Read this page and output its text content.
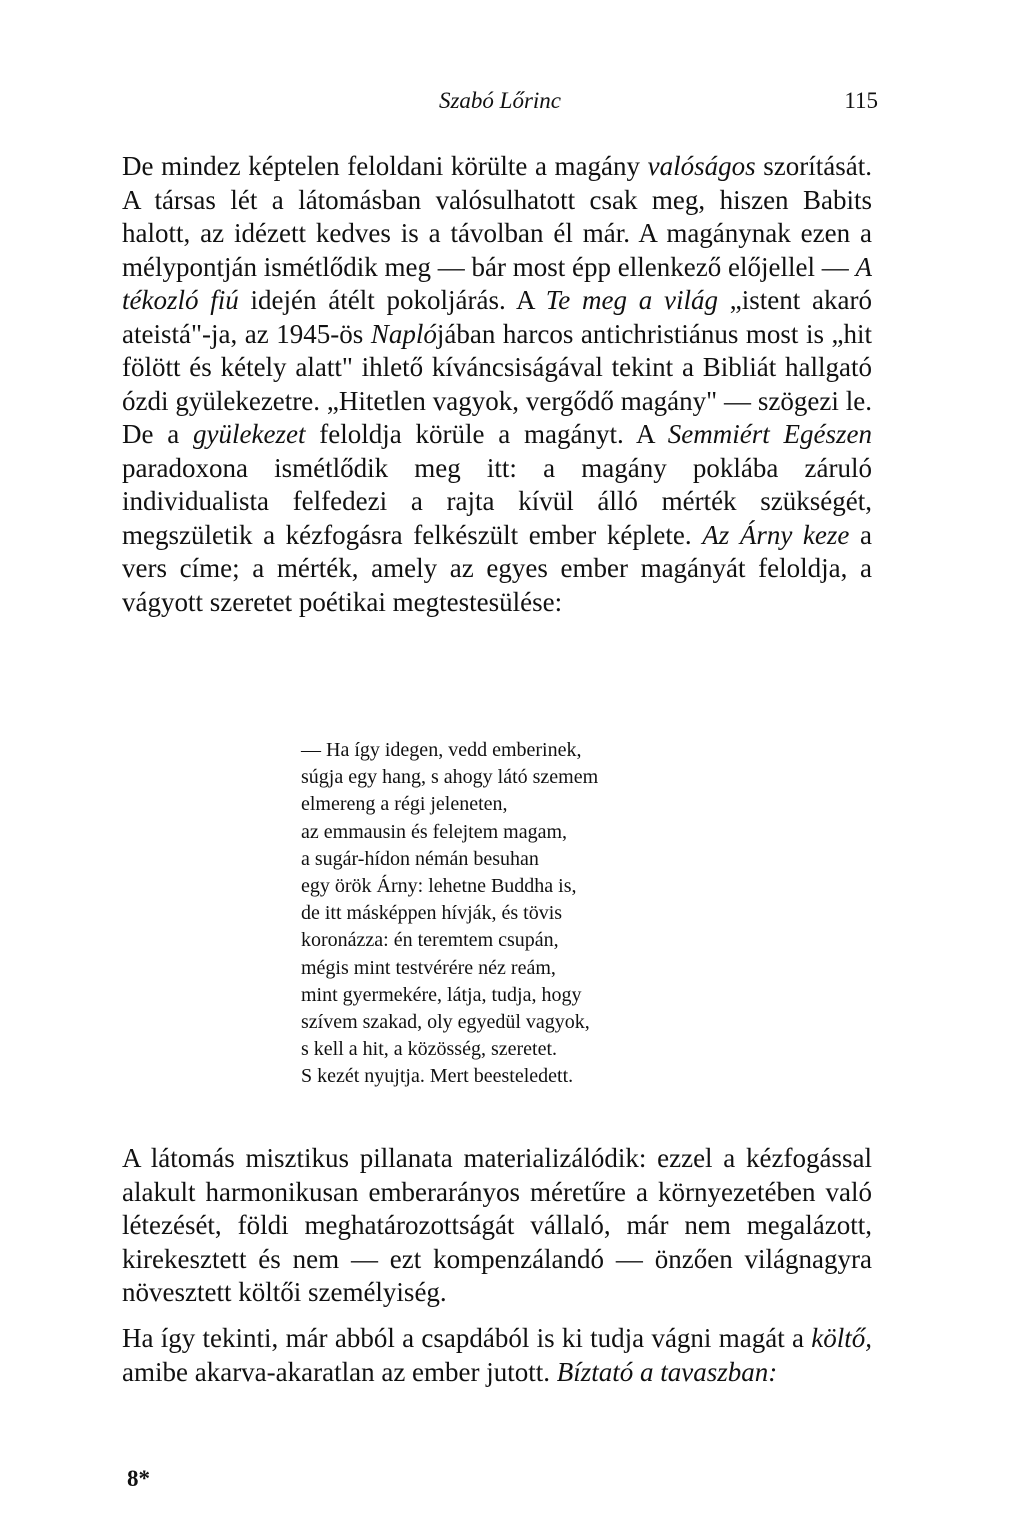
Szabó Lőrinc	115

De mindez képtelen feloldani körülte a magány valóságos szorítását. A társas lét a látomásban valósulhatott csak meg, hiszen Babits halott, az idézett kedves is a távolban él már. A magánynak ezen a mélypontján ismétlődik meg — bár most épp ellenkező előjellel — A tékozló fiú idején átélt pokoljárás. A Te meg a világ „istent akaró ateistá"-ja, az 1945-ös Naplójában harcos antichristiánus most is „hit fölött és kétely alatt" ihlető kíváncsiságával tekint a Bibliát hallgató ózdi gyülekezetre. „Hitetlen vagyok, vergődő magány" — szögezi le. De a gyülekezet feloldja körüle a magányt. A Semmiért Egészen paradoxona ismétlődik meg itt: a magány poklába záruló individualista felfedezi a rajta kívül álló mérték szükségét, megszületik a kézfogásra felkészült ember képlete. Az Árny keze a vers címe; a mérték, amely az egyes ember magányát feloldja, a vágyott szeretet poétikai megtestesülése:

— Ha így idegen, vedd emberinek,
súgja egy hang, s ahogy látó szemem
elmereng a régi jeleneten,
az emmausin és felejtem magam,
a sugár-hídon némán besuhan
egy örök Árny: lehetne Buddha is,
de itt másképpen hívják, és tövis
koronázza: én teremtem csupán,
mégis mint testvérére néz reám,
mint gyermekére, látja, tudja, hogy
szívem szakad, oly egyedül vagyok,
s kell a hit, a közösség, szeretet.
S kezét nyujtja. Mert beesteledett.

A látomás misztikus pillanata materializálódik: ezzel a kézfogással alakult harmonikusan emberarányos méretűre a környezetében való létezését, földi meghatározottságát vállaló, már nem megalázott, kirekesztett és nem — ezt kompenzálandó — önzően világnagyra növesztett költői személyiség.

Ha így tekinti, már abból a csapdából is ki tudja vágni magát a költő, amibe akarva-akaratlan az ember jutott. Bíztató a tavaszban:

8*
